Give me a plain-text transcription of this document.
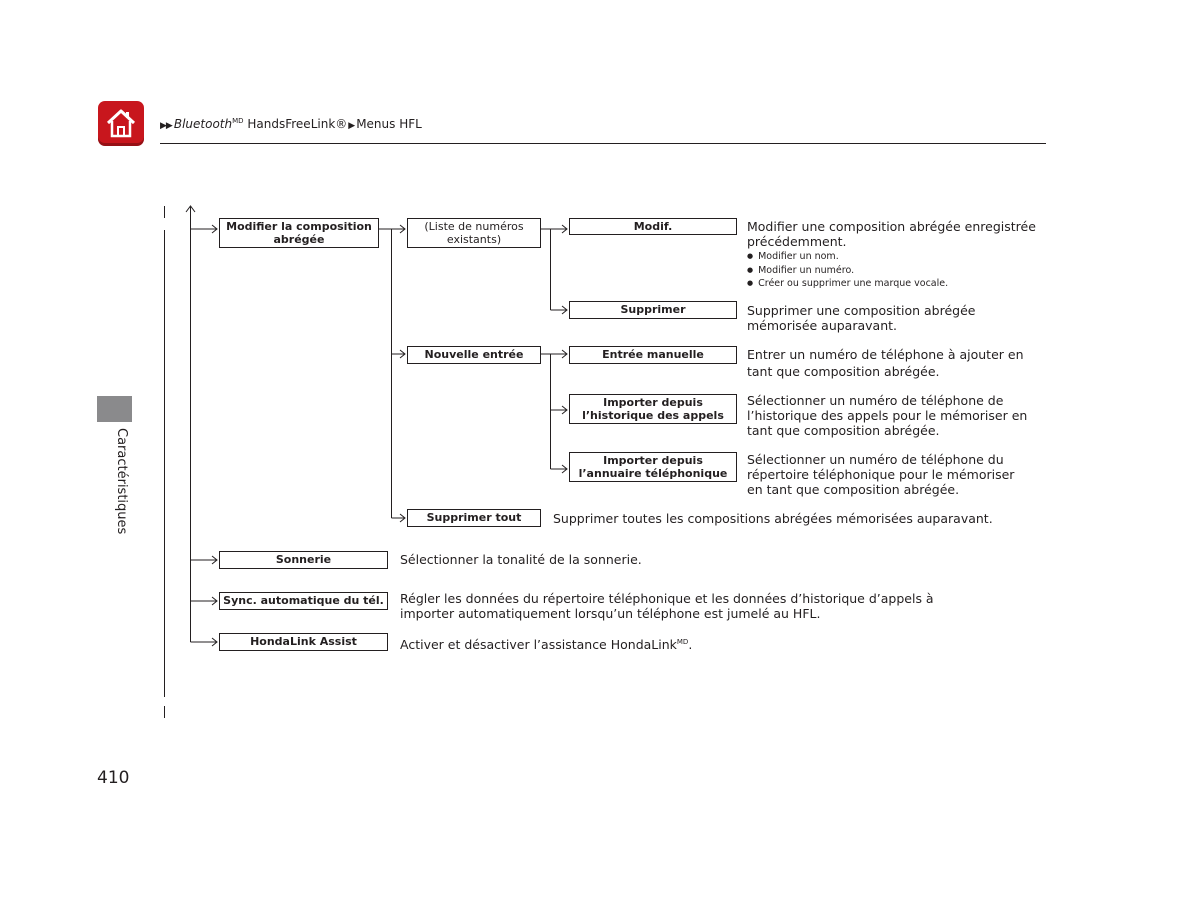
▶▶ Bluetooth$^{MD}$ HandsFreeLink®▶Menus HFL
Caractéristiques
Modifier la composition abrégée
Sonnerie
Sync. automatique du tél.
HondaLink Assist
(Liste de numéros existants)
Nouvelle entrée
Supprimer tout
Modif.
Supprimer
Entrée manuelle
Importer depuis l’historique des appels
Importer depuis l’annuaire téléphonique
Modifier une composition abrégée enregistrée précédemment.
● Modifier un nom.
● Modifier un numéro.
● Créer ou supprimer une marque vocale.
Supprimer une composition abrégée mémorisée auparavant.
Entrer un numéro de téléphone à ajouter en tant que composition abrégée.
Sélectionner un numéro de téléphone de l’historique des appels pour le mémoriser en tant que composition abrégée.
Sélectionner un numéro de téléphone du répertoire téléphonique pour le mémoriser en tant que composition abrégée.
Supprimer toutes les compositions abrégées mémorisées auparavant.
Sélectionner la tonalité de la sonnerie.
Régler les données du répertoire téléphonique et les données d’historique d’appels à importer automatiquement lorsqu’un téléphone est jumelé au HFL.
Activer et désactiver l’assistance HondaLink$^{MD}$.
410
